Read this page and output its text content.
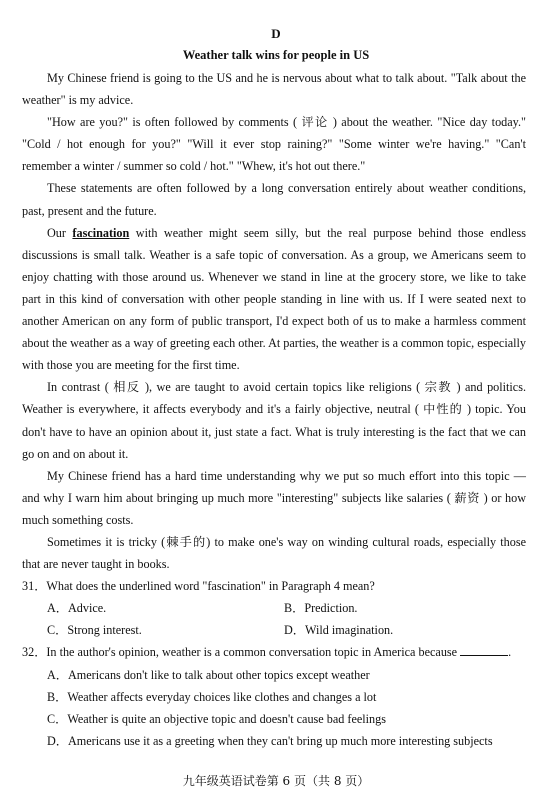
D
Weather talk wins for people in US

My Chinese friend is going to the US and he is nervous about what to talk about. "Talk about the weather" is my advice.

"How are you?" is often followed by comments ( 评论 ) about the weather. "Nice day today." "Cold / hot enough for you?" "Will it ever stop raining?" "Some winter we're having." "Can't remember a winter / summer so cold / hot." "Whew, it's hot out there."

These statements are often followed by a long conversation entirely about weather conditions, past, present and the future.

Our fascination with weather might seem silly, but the real purpose behind those endless discussions is small talk. Weather is a safe topic of conversation. As a group, we Americans seem to enjoy chatting with those around us. Whenever we stand in line at the grocery store, we like to take part in this kind of conversation with other people standing in line with us. If I were seated next to another American on any form of public transport, I'd expect both of us to make a harmless comment about the weather as a way of greeting each other. At parties, the weather is a common topic, especially with those you are meeting for the first time.

In contrast ( 相反 ), we are taught to avoid certain topics like religions ( 宗教 ) and politics. Weather is everywhere, it affects everybody and it's a fairly objective, neutral ( 中性的 ) topic. You don't have to have an opinion about it, just state a fact. What is truly interesting is the fact that we can go on and on about it.

My Chinese friend has a hard time understanding why we put so much effort into this topic — and why I warn him about bringing up much more "interesting" subjects like salaries ( 薪资 ) or how much something costs.

Sometimes it is tricky (棘手的) to make one's way on winding cultural roads, especially those that are never taught in books.

31．What does the underlined word "fascination" in Paragraph 4 mean?
A．Advice.	B．Prediction.
C．Strong interest.	D．Wild imagination.
32．In the author's opinion, weather is a common conversation topic in America because	.
A．Americans don't like to talk about other topics except weather
B．Weather affects everyday choices like clothes and changes a lot
C．Weather is quite an objective topic and doesn't cause bad feelings
D．Americans use it as a greeting when they can't bring up much more interesting subjects
九年级英语试卷第 6 页（共 8 页）
